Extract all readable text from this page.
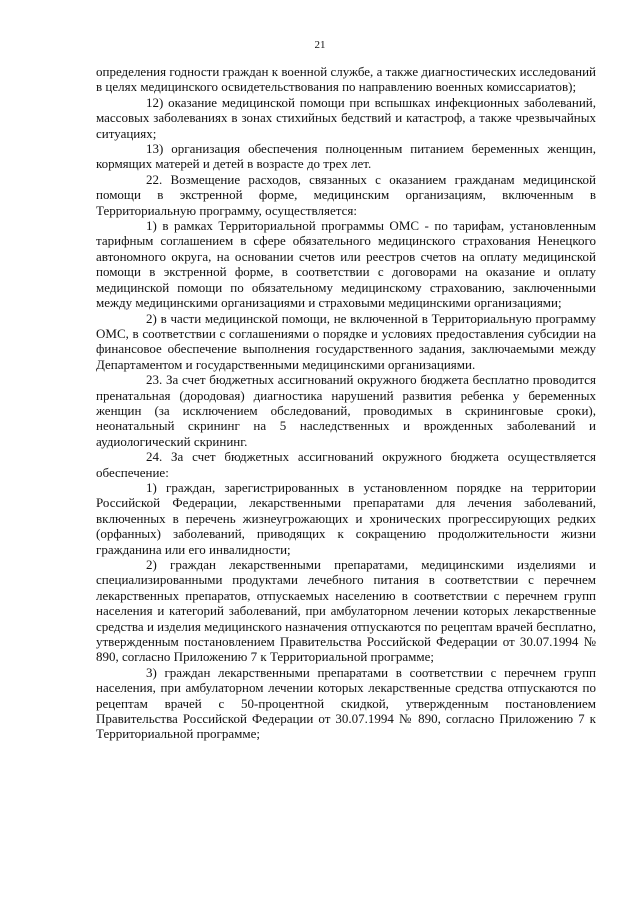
21

определения годности граждан к военной службе, а также диагностических исследований в целях медицинского освидетельствования по направлению военных комиссариатов);

12) оказание медицинской помощи при вспышках инфекционных заболеваний, массовых заболеваниях в зонах стихийных бедствий и катастроф, а также чрезвычайных ситуациях;

13) организация обеспечения полноценным питанием беременных женщин, кормящих матерей и детей в возрасте до трех лет.

22. Возмещение расходов, связанных с оказанием гражданам медицинской помощи в экстренной форме, медицинским организациям, включенным в Территориальную программу, осуществляется:

1) в рамках Территориальной программы ОМС - по тарифам, установленным тарифным соглашением в сфере обязательного медицинского страхования Ненецкого автономного округа, на основании счетов или реестров счетов на оплату медицинской помощи в экстренной форме, в соответствии с договорами на оказание и оплату медицинской помощи по обязательному медицинскому страхованию, заключенными между медицинскими организациями и страховыми медицинскими организациями;

2) в части медицинской помощи, не включенной в Территориальную программу ОМС, в соответствии с соглашениями о порядке и условиях предоставления субсидии на финансовое обеспечение выполнения государственного задания, заключаемыми между Департаментом и государственными медицинскими организациями.

23. За счет бюджетных ассигнований окружного бюджета бесплатно проводится пренатальная (дородовая) диагностика нарушений развития ребенка у беременных женщин (за исключением обследований, проводимых в скрининговые сроки), неонатальный скрининг на 5 наследственных и врожденных заболеваний и аудиологический скрининг.

24. За счет бюджетных ассигнований окружного бюджета осуществляется обеспечение:

1) граждан, зарегистрированных в установленном порядке на территории Российской Федерации, лекарственными препаратами для лечения заболеваний, включенных в перечень жизнеугрожающих и хронических прогрессирующих редких (орфанных) заболеваний, приводящих к сокращению продолжительности жизни гражданина или его инвалидности;

2) граждан лекарственными препаратами, медицинскими изделиями и специализированными продуктами лечебного питания в соответствии с перечнем лекарственных препаратов, отпускаемых населению в соответствии с перечнем групп населения и категорий заболеваний, при амбулаторном лечении которых лекарственные средства и изделия медицинского назначения отпускаются по рецептам врачей бесплатно, утвержденным постановлением Правительства Российской Федерации от 30.07.1994 № 890, согласно Приложению 7 к Территориальной программе;

3) граждан лекарственными препаратами в соответствии с перечнем групп населения, при амбулаторном лечении которых лекарственные средства отпускаются по рецептам врачей с 50-процентной скидкой, утвержденным постановлением Правительства Российской Федерации от 30.07.1994 № 890, согласно Приложению 7 к Территориальной программе;
